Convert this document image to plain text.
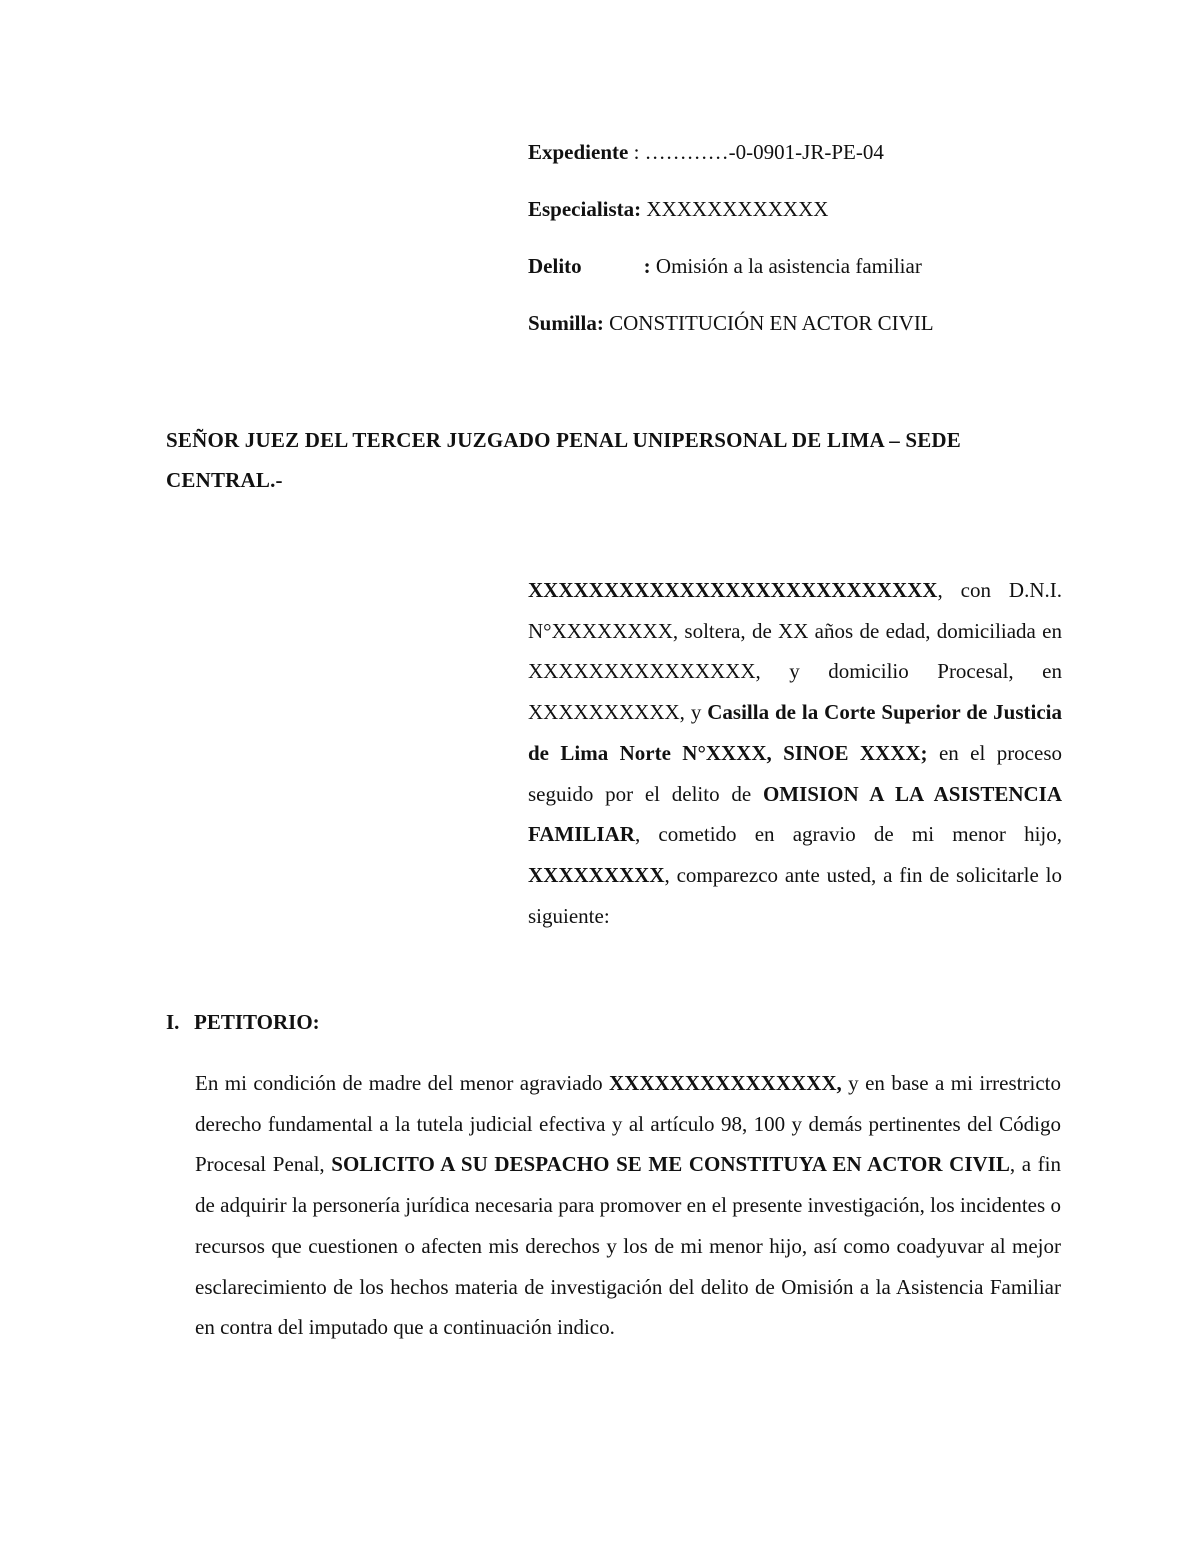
Expediente : …………-0-0901-JR-PE-04
Especialista: XXXXXXXXXXXX
Delito	: Omisión a la asistencia familiar
Sumilla: CONSTITUCIÓN EN ACTOR CIVIL
SEÑOR JUEZ DEL TERCER JUZGADO PENAL UNIPERSONAL DE LIMA – SEDE CENTRAL.-
XXXXXXXXXXXXXXXXXXXXXXXXXXX, con D.N.I. N°XXXXXXXX, soltera, de XX años de edad, domiciliada en XXXXXXXXXXXXXXX, y domicilio Procesal, en XXXXXXXXXX, y Casilla de la Corte Superior de Justicia de Lima Norte N°XXXX, SINOE XXXX; en el proceso seguido por el delito de OMISION A LA ASISTENCIA FAMILIAR, cometido en agravio de mi menor hijo, XXXXXXXXX, comparezco ante usted, a fin de solicitarle lo siguiente:
I. PETITORIO:
En mi condición de madre del menor agraviado XXXXXXXXXXXXXXX, y en base a mi irrestricto derecho fundamental a la tutela judicial efectiva y al artículo 98, 100 y demás pertinentes del Código Procesal Penal, SOLICITO A SU DESPACHO SE ME CONSTITUYA EN ACTOR CIVIL, a fin de adquirir la personería jurídica necesaria para promover en el presente investigación, los incidentes o recursos que cuestionen o afecten mis derechos y los de mi menor hijo, así como coadyuvar al mejor esclarecimiento de los hechos materia de investigación del delito de Omisión a la Asistencia Familiar en contra del imputado que a continuación indico.
